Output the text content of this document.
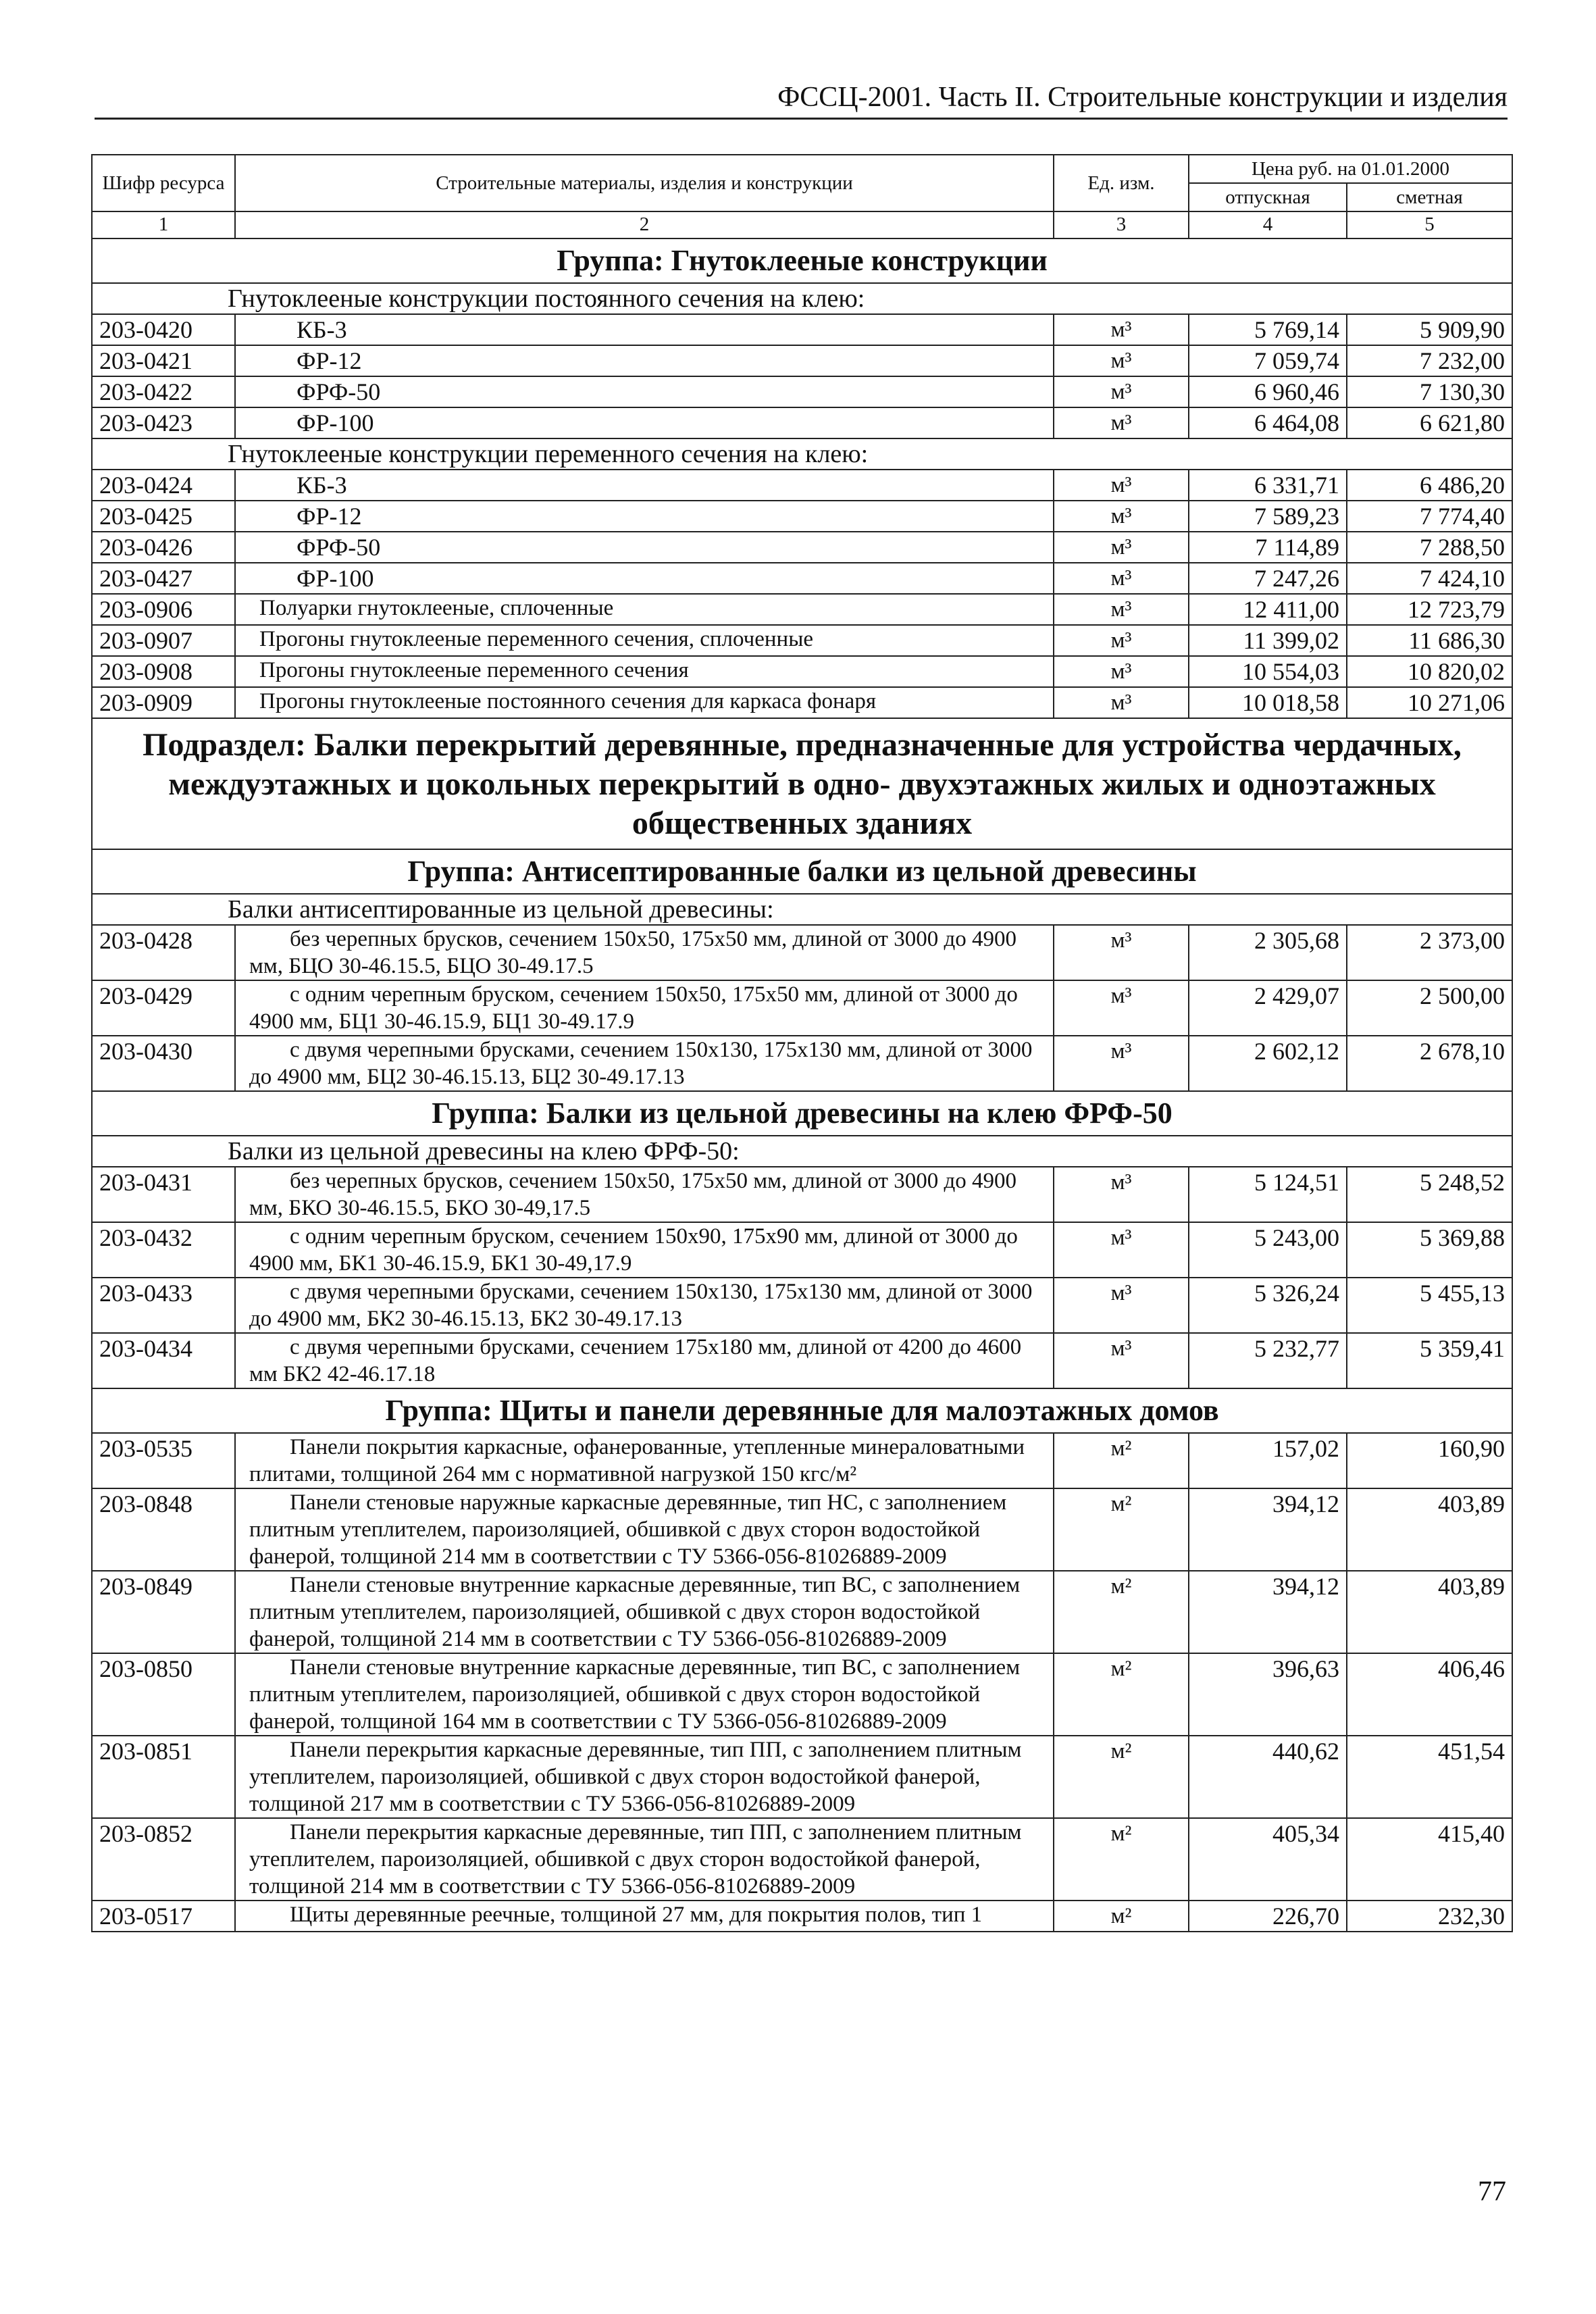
ФССЦ-2001. Часть II. Строительные конструкции и изделия
Шифр ресурса	Строительные материалы, изделия и конструкции	Ед. изм.	Цена руб. на 01.01.2000	
			отпускная	сметная
1	2	3	4	5
Группа: Гнутоклееные конструкции				
Гнутоклееные конструкции постоянного сечения на клею:				
203-0420	КБ-3	м³	5 769,14	5 909,90
203-0421	ФР-12	м³	7 059,74	7 232,00
203-0422	ФРФ-50	м³	6 960,46	7 130,30
203-0423	ФР-100	м³	6 464,08	6 621,80
Гнутоклееные конструкции переменного сечения на клею:				
203-0424	КБ-3	м³	6 331,71	6 486,20
203-0425	ФР-12	м³	7 589,23	7 774,40
203-0426	ФРФ-50	м³	7 114,89	7 288,50
203-0427	ФР-100	м³	7 247,26	7 424,10
203-0906	Полуарки гнутоклееные, сплоченные	м³	12 411,00	12 723,79
203-0907	Прогоны гнутоклееные переменного сечения, сплоченные	м³	11 399,02	11 686,30
203-0908	Прогоны гнутоклееные переменного сечения	м³	10 554,03	10 820,02
203-0909	Прогоны гнутоклееные постоянного сечения для каркаса фонаря	м³	10 018,58	10 271,06
Подраздел: Балки перекрытий деревянные, предназначенные для устройства чердачных, междуэтажных и цокольных перекрытий в одно- двухэтажных жилых и одноэтажных общественных зданиях				
Группа: Антисептированные балки из цельной древесины				
Балки антисептированные из цельной древесины:				
203-0428	без черепных брусков, сечением 150х50, 175х50 мм, длиной от 3000 до 4900 мм, БЦО 30-46.15.5, БЦО 30-49.17.5	м³	2 305,68	2 373,00
203-0429	с одним черепным бруском, сечением 150х50, 175х50 мм, длиной от 3000 до 4900 мм, БЦ1 30-46.15.9, БЦ1 30-49.17.9	м³	2 429,07	2 500,00
203-0430	с двумя черепными брусками, сечением 150х130, 175х130 мм, длиной от 3000 до 4900 мм, БЦ2 30-46.15.13, БЦ2 30-49.17.13	м³	2 602,12	2 678,10
Группа: Балки из цельной древесины на клею ФРФ-50				
Балки из цельной древесины на клею ФРФ-50:				
203-0431	без черепных брусков, сечением 150х50, 175х50 мм, длиной от 3000 до 4900 мм, БКО 30-46.15.5, БКО 30-49,17.5	м³	5 124,51	5 248,52
203-0432	с одним черепным бруском, сечением 150х90, 175х90 мм, длиной от 3000 до 4900 мм, БК1 30-46.15.9, БК1 30-49,17.9	м³	5 243,00	5 369,88
203-0433	с двумя черепными брусками, сечением 150х130, 175х130 мм, длиной от 3000 до 4900 мм, БК2 30-46.15.13, БК2 30-49.17.13	м³	5 326,24	5 455,13
203-0434	с двумя черепными брусками, сечением 175х180 мм, длиной от 4200 до 4600 мм БК2 42-46.17.18	м³	5 232,77	5 359,41
Группа: Щиты и панели деревянные для малоэтажных домов				
203-0535	Панели покрытия каркасные, офанерованные, утепленные минераловатными плитами, толщиной 264 мм с нормативной нагрузкой 150 кгс/м²	м²	157,02	160,90
203-0848	Панели стеновые наружные каркасные деревянные, тип НС, с заполнением плитным утеплителем, пароизоляцией, обшивкой с двух сторон водостойкой фанерой, толщиной 214 мм в соответствии с ТУ 5366-056-81026889-2009	м²	394,12	403,89
203-0849	Панели стеновые внутренние каркасные деревянные, тип ВС, с заполнением плитным утеплителем, пароизоляцией, обшивкой с двух сторон водостойкой фанерой, толщиной 214 мм в соответствии с ТУ 5366-056-81026889-2009	м²	394,12	403,89
203-0850	Панели стеновые внутренние каркасные деревянные, тип ВС, с заполнением плитным утеплителем, пароизоляцией, обшивкой с двух сторон водостойкой фанерой, толщиной 164 мм в соответствии с ТУ 5366-056-81026889-2009	м²	396,63	406,46
203-0851	Панели перекрытия каркасные деревянные, тип ПП, с заполнением плитным утеплителем, пароизоляцией, обшивкой с двух сторон водостойкой фанерой, толщиной 217 мм в соответствии с ТУ 5366-056-81026889-2009	м²	440,62	451,54
203-0852	Панели перекрытия каркасные деревянные, тип ПП, с заполнением плитным утеплителем, пароизоляцией, обшивкой с двух сторон водостойкой фанерой, толщиной 214 мм в соответствии с ТУ 5366-056-81026889-2009	м²	405,34	415,40
203-0517	Щиты деревянные реечные, толщиной 27 мм, для покрытия полов, тип 1	м²	226,70	232,30
77
